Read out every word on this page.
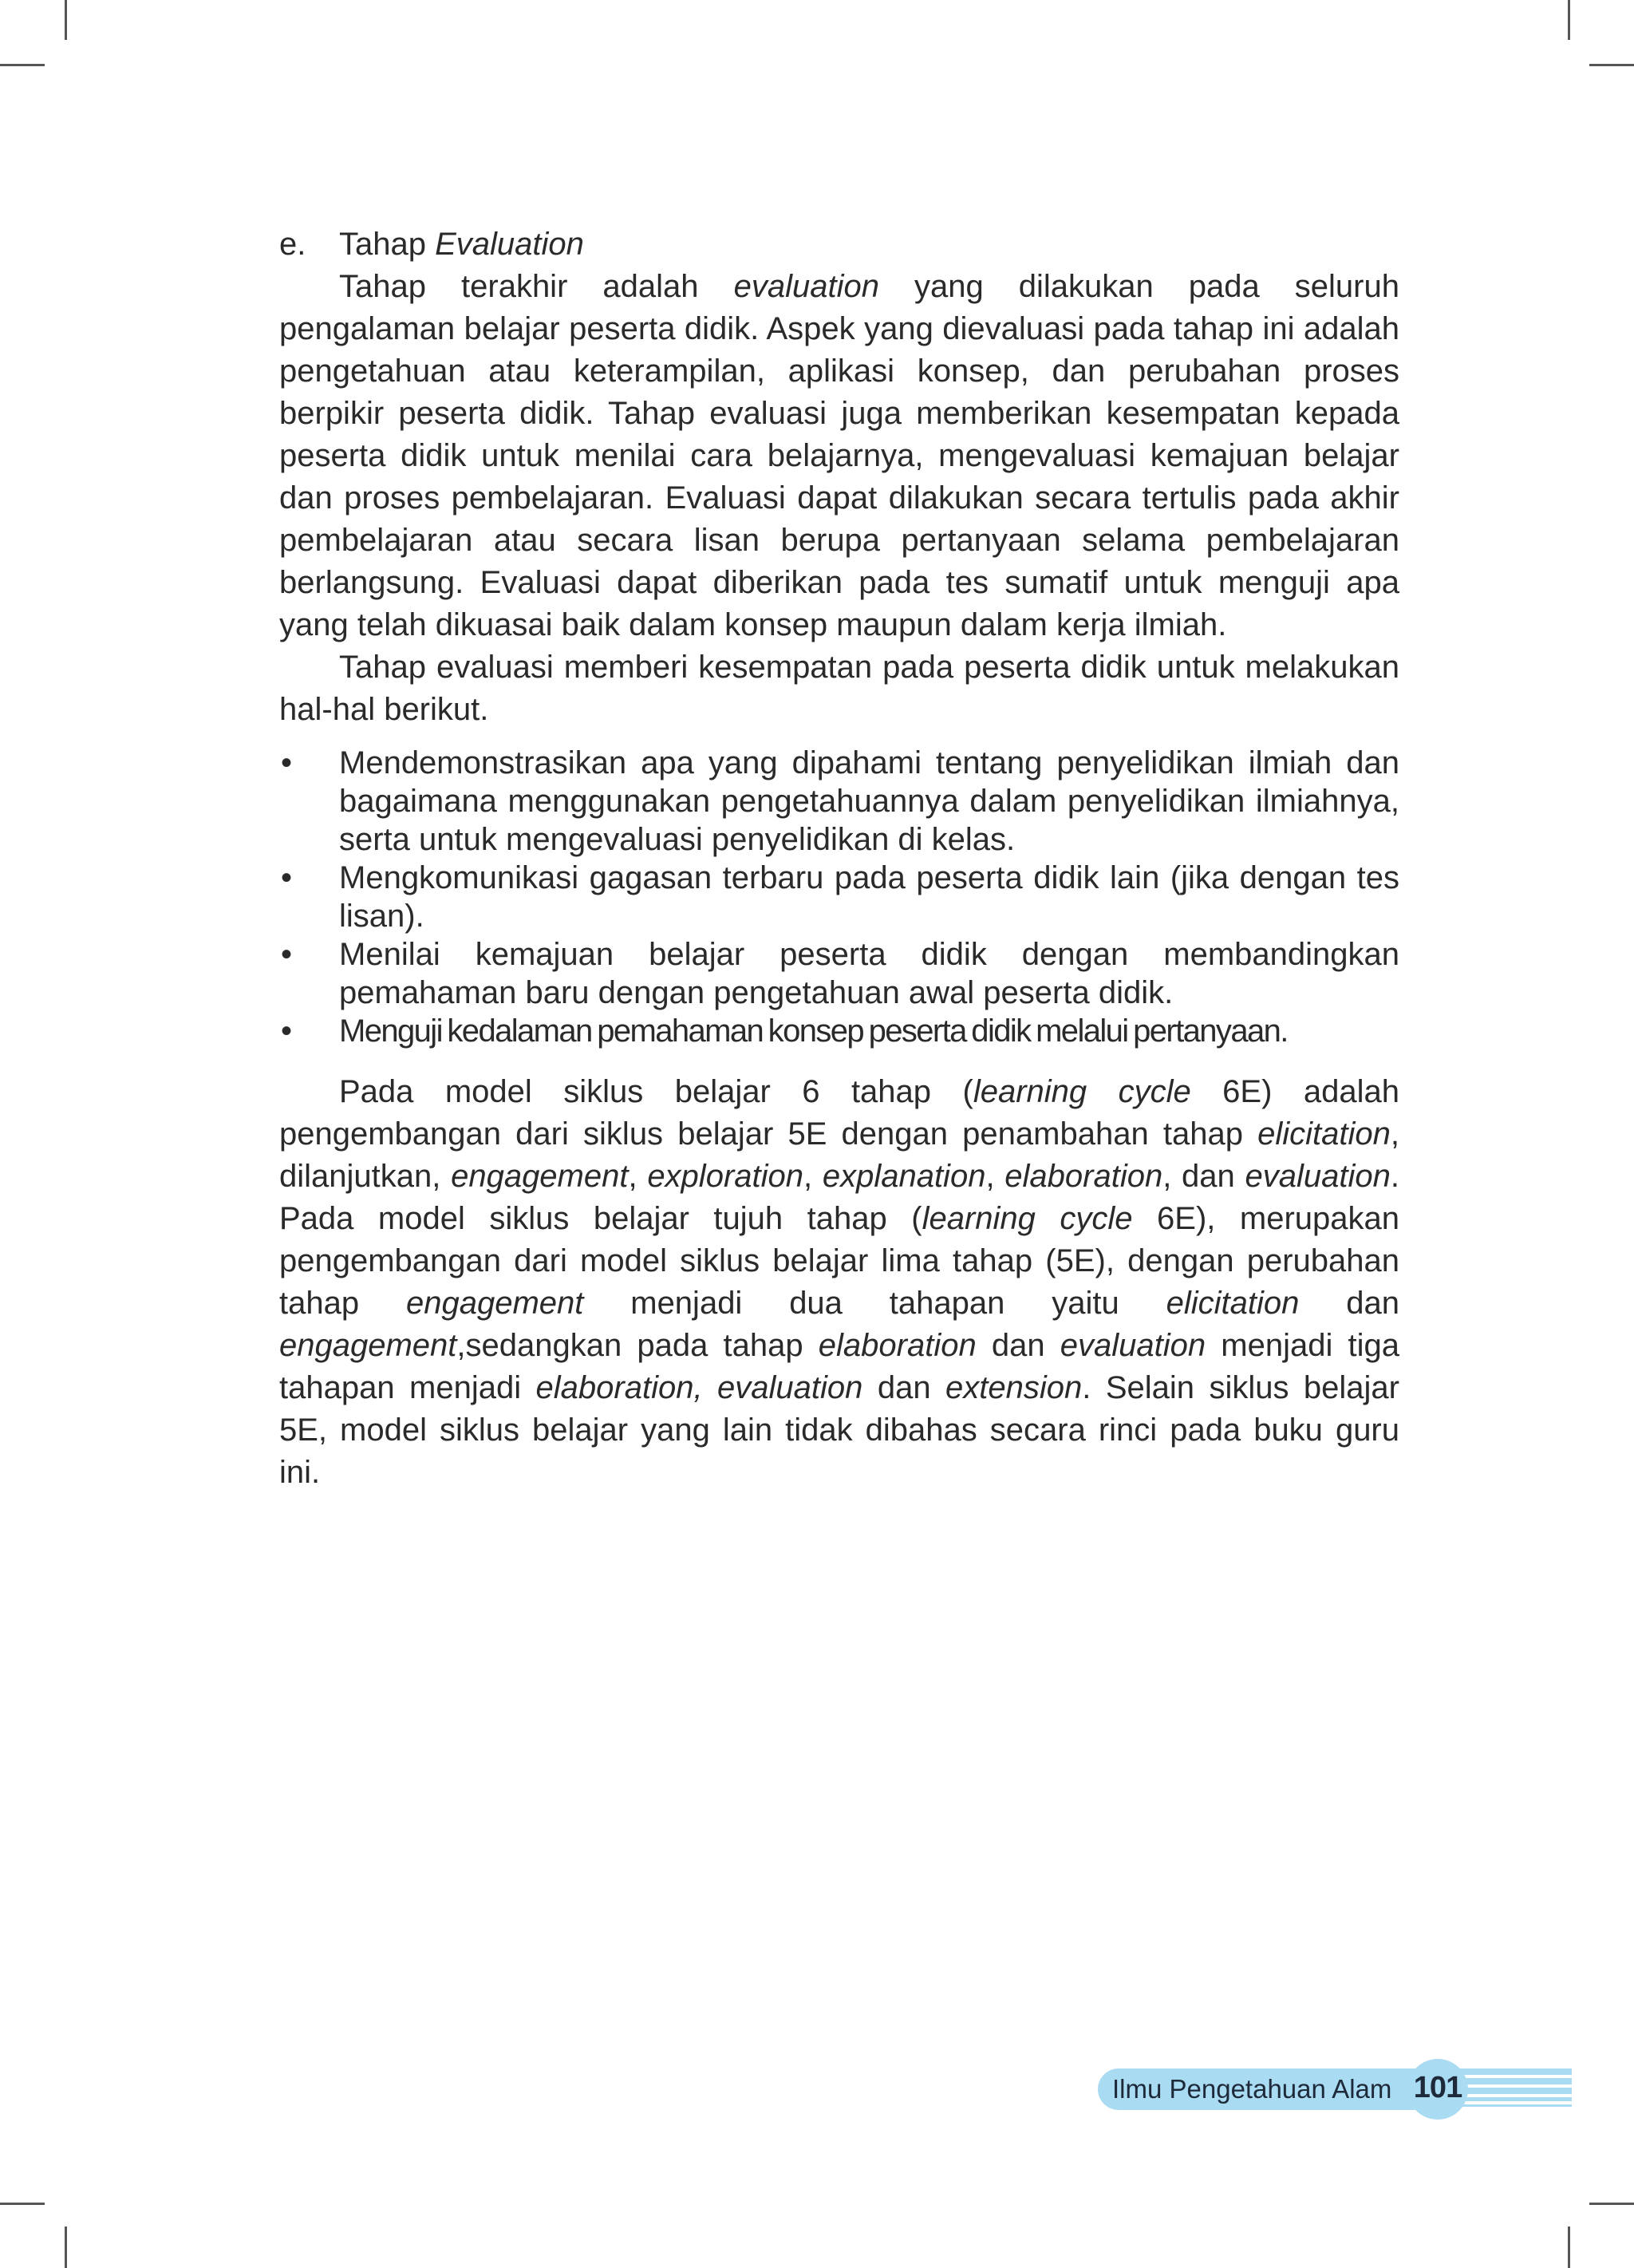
e. Tahap Evaluation

Tahap terakhir adalah evaluation yang dilakukan pada seluruh pengalaman belajar peserta didik. Aspek yang dievaluasi pada tahap ini adalah pengetahuan atau keterampilan, aplikasi konsep, dan perubahan proses berpikir peserta didik. Tahap evaluasi juga memberikan kesempatan kepada peserta didik untuk menilai cara belajarnya, mengevaluasi kemajuan belajar dan proses pembelajaran. Evaluasi dapat dilakukan secara tertulis pada akhir pembelajaran atau secara lisan berupa pertanyaan selama pembelajaran berlangsung. Evaluasi dapat diberikan pada tes sumatif untuk menguji apa yang telah dikuasai baik dalam konsep maupun dalam kerja ilmiah.

Tahap evaluasi memberi kesempatan pada peserta didik untuk melakukan hal-hal berikut.

• Mendemonstrasikan apa yang dipahami tentang penyelidikan ilmiah dan bagaimana menggunakan pengetahuannya dalam penyelidikan ilmiahnya, serta untuk mengevaluasi penyelidikan di kelas.
• Mengkomunikasi gagasan terbaru pada peserta didik lain (jika dengan tes lisan).
• Menilai kemajuan belajar peserta didik dengan membandingkan pemahaman baru dengan pengetahuan awal peserta didik.
• Menguji kedalaman pemahaman konsep peserta didik melalui pertanyaan.

Pada model siklus belajar 6 tahap (learning cycle 6E) adalah pengembangan dari siklus belajar 5E dengan penambahan tahap elicitation, dilanjutkan, engagement, exploration, explanation, elaboration, dan evaluation. Pada model siklus belajar tujuh tahap (learning cycle 6E), merupakan pengembangan dari model siklus belajar lima tahap (5E), dengan perubahan tahap engagement menjadi dua tahapan yaitu elicitation dan engagement,sedangkan pada tahap elaboration dan evaluation menjadi tiga tahapan menjadi elaboration, evaluation dan extension. Selain siklus belajar 5E, model siklus belajar yang lain tidak dibahas secara rinci pada buku guru ini.

Ilmu Pengetahuan Alam 101
